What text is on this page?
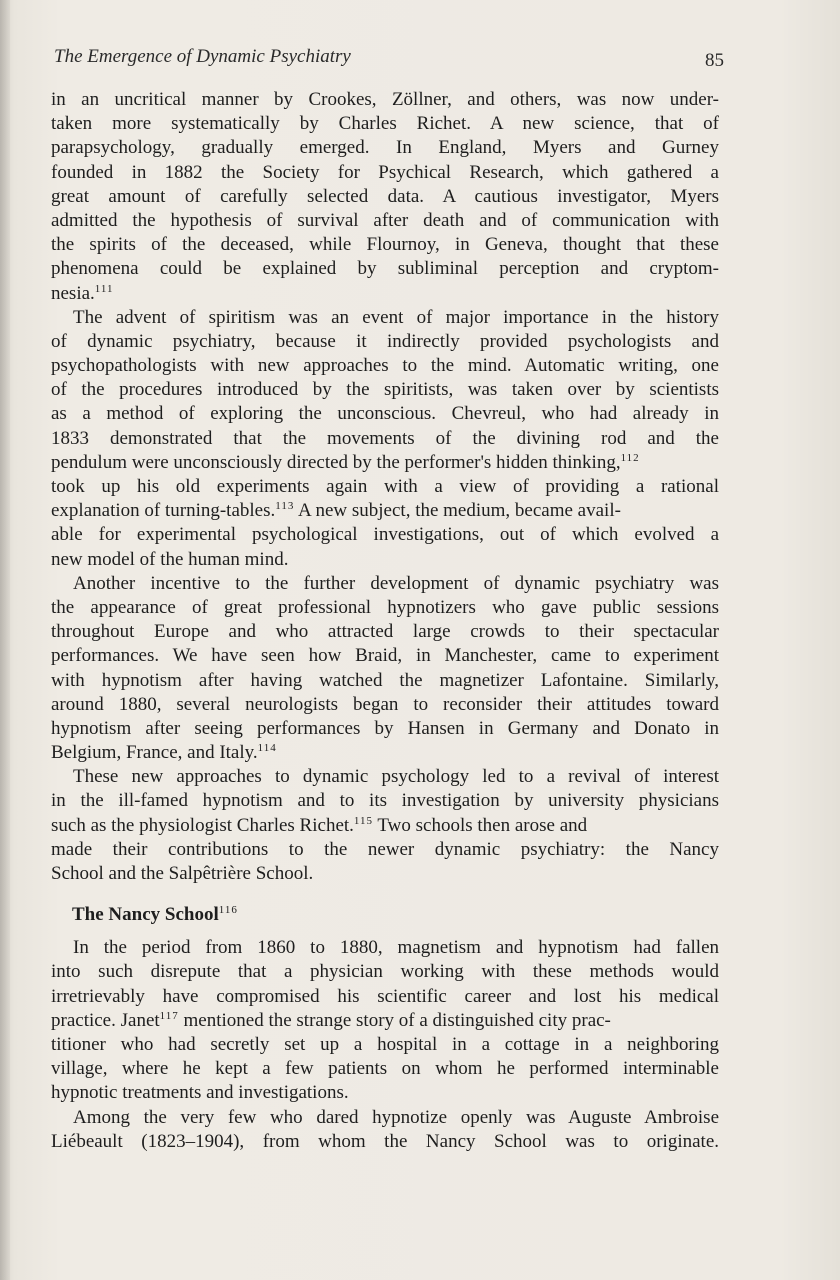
The Emergence of Dynamic Psychiatry	85
in an uncritical manner by Crookes, Zöllner, and others, was now under-
taken more systematically by Charles Richet. A new science, that of
parapsychology, gradually emerged. In England, Myers and Gurney
founded in 1882 the Society for Psychical Research, which gathered a
great amount of carefully selected data. A cautious investigator, Myers
admitted the hypothesis of survival after death and of communication with
the spirits of the deceased, while Flournoy, in Geneva, thought that these
phenomena could be explained by subliminal perception and cryptom-
nesia.$^{111}$
The advent of spiritism was an event of major importance in the history
of dynamic psychiatry, because it indirectly provided psychologists and
psychopathologists with new approaches to the mind. Automatic writing, one
of the procedures introduced by the spiritists, was taken over by scientists
as a method of exploring the unconscious. Chevreul, who had already in
1833 demonstrated that the movements of the divining rod and the
pendulum were unconsciously directed by the performer's hidden thinking,$^{112}$
took up his old experiments again with a view of providing a rational
explanation of turning-tables.$^{113}$ A new subject, the medium, became avail-
able for experimental psychological investigations, out of which evolved a
new model of the human mind.
Another incentive to the further development of dynamic psychiatry was
the appearance of great professional hypnotizers who gave public sessions
throughout Europe and who attracted large crowds to their spectacular
performances. We have seen how Braid, in Manchester, came to experiment
with hypnotism after having watched the magnetizer Lafontaine. Similarly,
around 1880, several neurologists began to reconsider their attitudes toward
hypnotism after seeing performances by Hansen in Germany and Donato in
Belgium, France, and Italy.$^{114}$
These new approaches to dynamic psychology led to a revival of interest
in the ill-famed hypnotism and to its investigation by university physicians
such as the physiologist Charles Richet.$^{115}$ Two schools then arose and
made their contributions to the newer dynamic psychiatry: the Nancy
School and the Salpêtrière School.
The Nancy School$^{116}$
In the period from 1860 to 1880, magnetism and hypnotism had fallen
into such disrepute that a physician working with these methods would
irretrievably have compromised his scientific career and lost his medical
practice. Janet$^{117}$ mentioned the strange story of a distinguished city prac-
titioner who had secretly set up a hospital in a cottage in a neighboring
village, where he kept a few patients on whom he performed interminable
hypnotic treatments and investigations.
Among the very few who dared hypnotize openly was Auguste Ambroise
Liébeault (1823–1904), from whom the Nancy School was to originate.
